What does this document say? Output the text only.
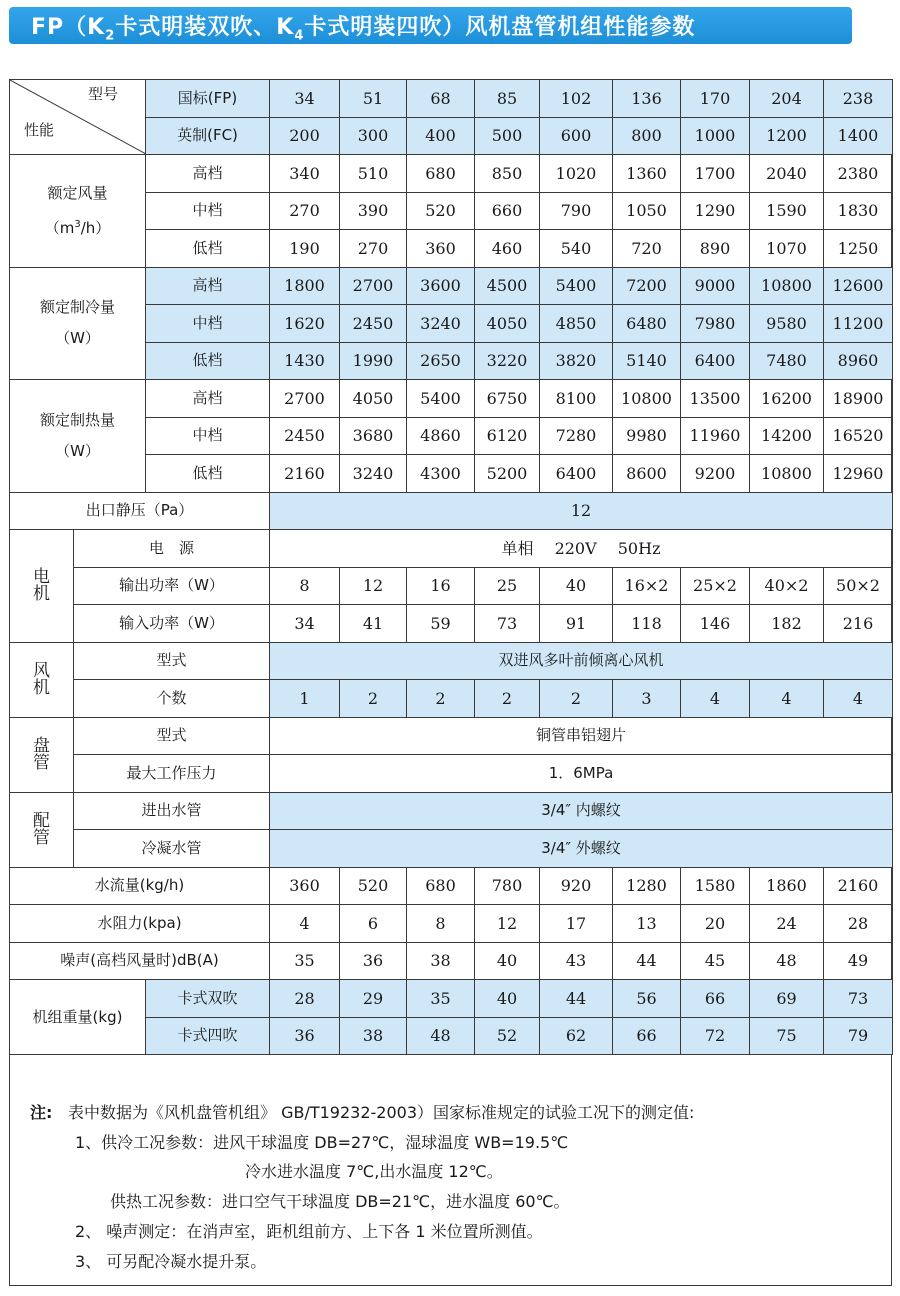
$FP(K_2$卡式明装双吹、$K_4$卡式明装四吹）风机盘管机组性能参数
型号
性能		国标(FP)	34	51	68	85	102	136	170	204	238
		英制(FC)	200	300	400	500	600	800	1000	1200	1400

额定风量
$(m^3/h)$		高档	340	510	680	850	1020	1360	1700	2040	2380
		中档	270	390	520	660	790	1050	1290	1590	1830
		低档	190	270	360	460	540	720	890	1070	1250

额定制冷量
（W）		高档	1800	2700	3600	4500	5400	7200	9000	10800	12600
		中档	1620	2450	3240	4050	4850	6480	7980	9580	11200
		低档	1430	1990	2650	3220	3820	5140	6400	7480	8960

额定制热量
（W）		高档	2700	4050	5400	6750	8100	10800	13500	16200	18900
		中档	2450	3680	4860	6120	7280	9980	11960	14200	16520
		低档	2160	3240	4300	5200	6400	8600	9200	10800	12960
出口静压（Pa）			12								

电
机	电　源		单相　 220V　 50Hz								
	输出功率（W）		8	12	16	25	40	16×2	25×2	40×2	50×2
	输入功率（W）		34	41	59	73	91	118	146	182	216

风
机	型式		双进风多叶前倾离心风机								
	个数		1	2	2	2	2	3	4	4	4

盘
管	型式		铜管串铝翅片								
	最大工作压力		1．6MPa								

配
管	进出水管		3/4″ 内螺纹								
	冷凝水管		3/4″ 外螺纹								
水流量(kg/h)			360	520	680	780	920	1280	1580	1860	2160
水阻力(kpa)			4	6	8	12	17	13	20	24	28
噪声(高档风量时)dB(A)			35	36	38	40	43	44	45	48	49
机组重量(kg)		卡式双吹	28	29	35	40	44	56	66	69	73
		卡式四吹	36	38	48	52	62	66	72	75	79
注: 表中数据为《风机盘管机组》 GB/T19232-2003）国家标准规定的试验工况下的测定值:
1、供冷工况参数：进风干球温度 DB=27℃，湿球温度 WB=19.5℃
冷水进水温度 7℃,出水温度 12℃。
供热工况参数：进口空气干球温度 DB=21℃，进水温度 60℃。
2、 噪声测定：在消声室，距机组前方、上下各 1 米位置所测值。
3、 可另配冷凝水提升泵。
